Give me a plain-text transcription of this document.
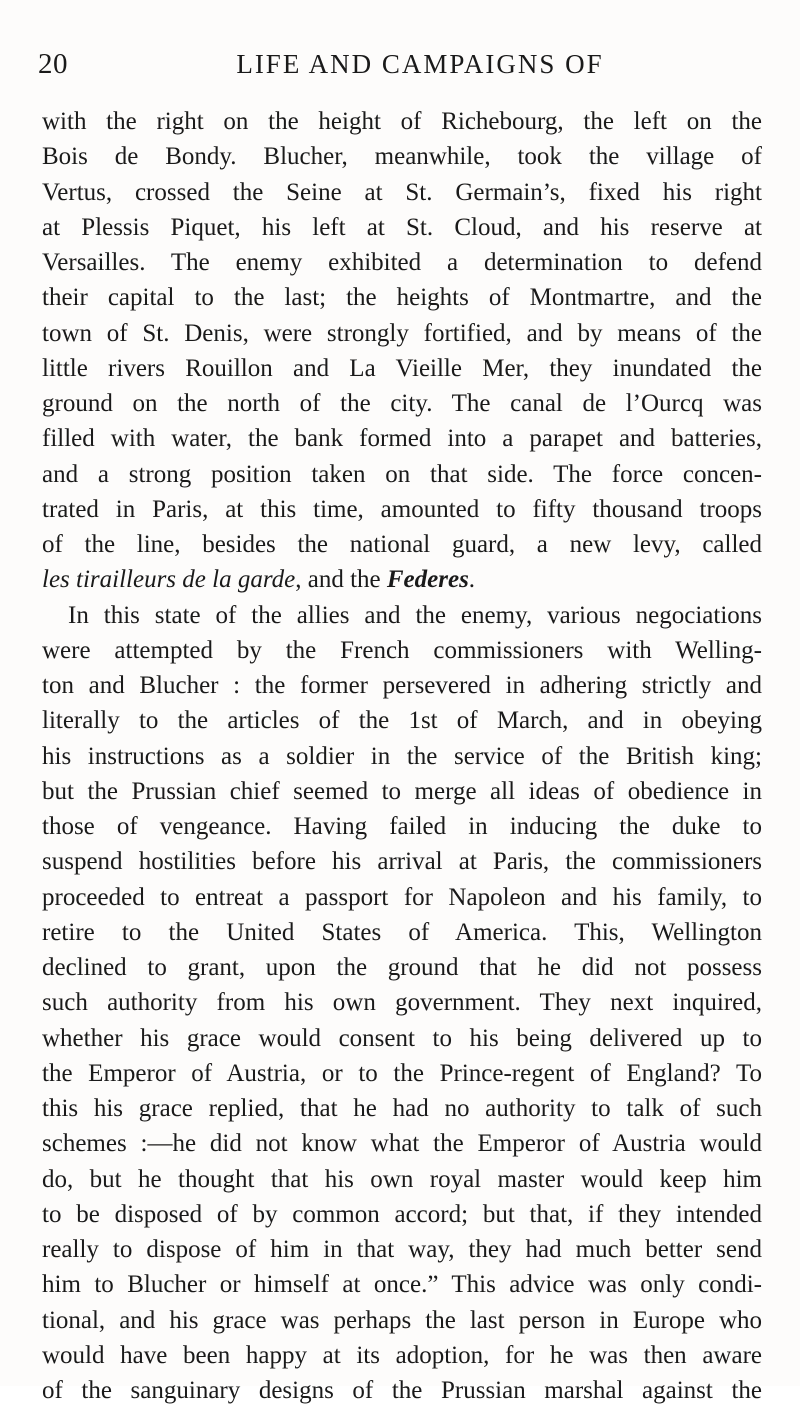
20	LIFE AND CAMPAIGNS OF
with the right on the height of Richebourg, the left on the
Bois de Bondy. Blucher, meanwhile, took the village of
Vertus, crossed the Seine at St. Germain’s, fixed his right
at Plessis Piquet, his left at St. Cloud, and his reserve at
Versailles. The enemy exhibited a determination to defend
their capital to the last; the heights of Montmartre, and the
town of St. Denis, were strongly fortified, and by means of the
little rivers Rouillon and La Vieille Mer, they inundated the
ground on the north of the city. The canal de l’Ourcq was
filled with water, the bank formed into a parapet and batteries,
and a strong position taken on that side. The force concen-
trated in Paris, at this time, amounted to fifty thousand troops
of the line, besides the national guard, a new levy, called
les tirailleurs de la garde, and the Federes.
In this state of the allies and the enemy, various negociations
were attempted by the French commissioners with Welling-
ton and Blucher : the former persevered in adhering strictly and
literally to the articles of the 1st of March, and in obeying
his instructions as a soldier in the service of the British king;
but the Prussian chief seemed to merge all ideas of obedience in
those of vengeance. Having failed in inducing the duke to
suspend hostilities before his arrival at Paris, the commissioners
proceeded to entreat a passport for Napoleon and his family, to
retire to the United States of America. This, Wellington
declined to grant, upon the ground that he did not possess
such authority from his own government. They next inquired,
whether his grace would consent to his being delivered up to
the Emperor of Austria, or to the Prince-regent of England? To
this his grace replied, that he had no authority to talk of such
schemes :—he did not know what the Emperor of Austria would
do, but he thought that his own royal master would keep him
to be disposed of by common accord; but that, if they intended
really to dispose of him in that way, they had much better send
him to Blucher or himself at once.” This advice was only condi-
tional, and his grace was perhaps the last person in Europe who
would have been happy at its adoption, for he was then aware
of the sanguinary designs of the Prussian marshal against the
